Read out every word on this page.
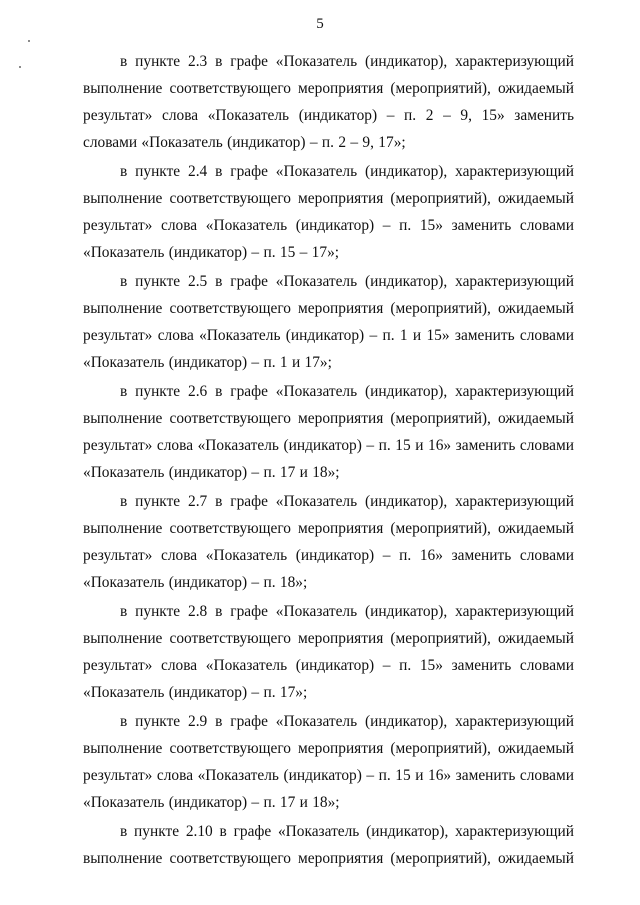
5

в пункте 2.3 в графе «Показатель (индикатор), характеризующий выполнение соответствующего мероприятия (мероприятий), ожидаемый результат» слова «Показатель (индикатор) – п. 2 – 9, 15» заменить словами «Показатель (индикатор) – п. 2 – 9, 17»;

в пункте 2.4 в графе «Показатель (индикатор), характеризующий выполнение соответствующего мероприятия (мероприятий), ожидаемый результат» слова «Показатель (индикатор) – п. 15» заменить словами «Показатель (индикатор) – п. 15 – 17»;

в пункте 2.5 в графе «Показатель (индикатор), характеризующий выполнение соответствующего мероприятия (мероприятий), ожидаемый результат» слова «Показатель (индикатор) – п. 1 и 15» заменить словами «Показатель (индикатор) – п. 1 и 17»;

в пункте 2.6 в графе «Показатель (индикатор), характеризующий выполнение соответствующего мероприятия (мероприятий), ожидаемый результат» слова «Показатель (индикатор) – п. 15 и 16» заменить словами «Показатель (индикатор) – п. 17 и 18»;

в пункте 2.7 в графе «Показатель (индикатор), характеризующий выполнение соответствующего мероприятия (мероприятий), ожидаемый результат» слова «Показатель (индикатор) – п. 16» заменить словами «Показатель (индикатор) – п. 18»;

в пункте 2.8 в графе «Показатель (индикатор), характеризующий выполнение соответствующего мероприятия (мероприятий), ожидаемый результат» слова «Показатель (индикатор) – п. 15» заменить словами «Показатель (индикатор) – п. 17»;

в пункте 2.9 в графе «Показатель (индикатор), характеризующий выполнение соответствующего мероприятия (мероприятий), ожидаемый результат» слова «Показатель (индикатор) – п. 15 и 16» заменить словами «Показатель (индикатор) – п. 17 и 18»;

в пункте 2.10 в графе «Показатель (индикатор), характеризующий выполнение соответствующего мероприятия (мероприятий), ожидаемый
